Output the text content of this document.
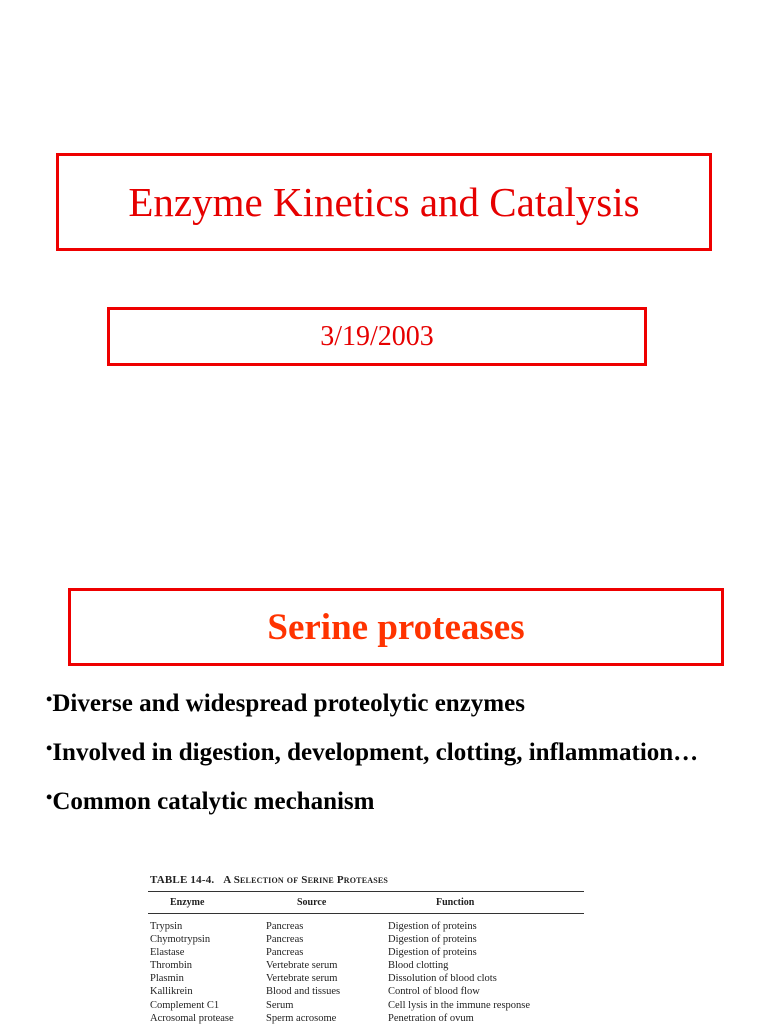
Enzyme Kinetics and Catalysis
3/19/2003
Serine proteases
•Diverse and widespread proteolytic enzymes
•Involved in digestion, development, clotting, inflammation…
•Common catalytic mechanism
TABLE 14-4. A Selection of Serine Proteases
Enzyme	Source	Function
Trypsin	Pancreas	Digestion of proteins
Chymotrypsin	Pancreas	Digestion of proteins
Elastase	Pancreas	Digestion of proteins
Thrombin	Vertebrate serum	Blood clotting
Plasmin	Vertebrate serum	Dissolution of blood clots
Kallikrein	Blood and tissues	Control of blood flow
Complement C1	Serum	Cell lysis in the immune response
Acrosomal protease	Sperm acrosome	Penetration of ovum
